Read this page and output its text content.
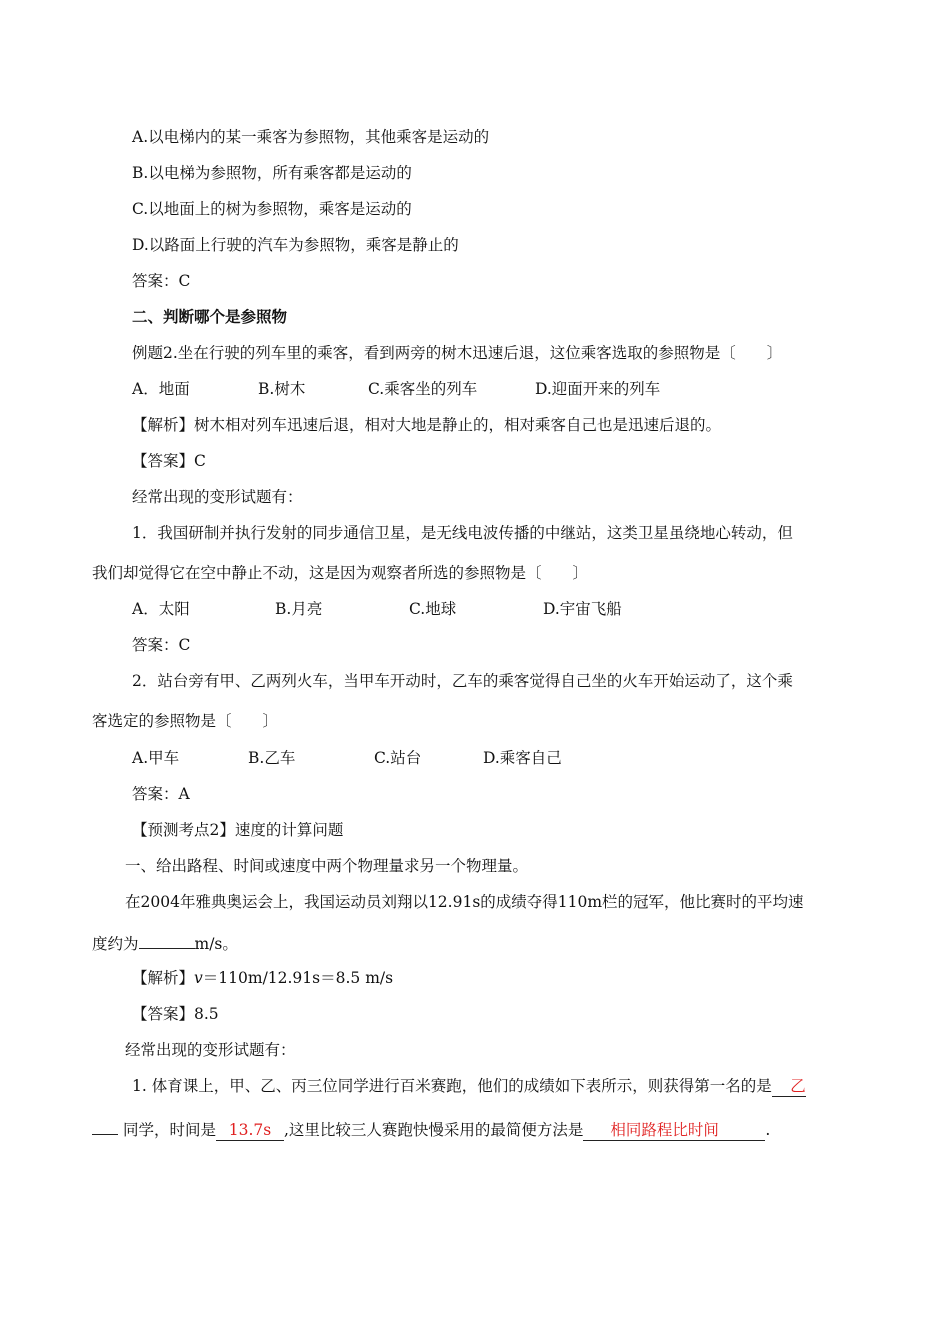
A.以电梯内的某一乘客为参照物，其他乘客是运动的
B.以电梯为参照物，所有乘客都是运动的
C.以地面上的树为参照物，乘客是运动的
D.以路面上行驶的汽车为参照物，乘客是静止的
答案：C
二、判断哪个是参照物
例题2.坐在行驶的列车里的乘客，看到两旁的树木迅速后退，这位乘客选取的参照物是〔　　〕
A．地面	B.树木	C.乘客坐的列车	D.迎面开来的列车
【解析】树木相对列车迅速后退，相对大地是静止的，相对乘客自己也是迅速后退的。
【答案】C
经常出现的变形试题有：
1．我国研制并执行发射的同步通信卫星，是无线电波传播的中继站，这类卫星虽绕地心转动，但
我们却觉得它在空中静止不动，这是因为观察者所选的参照物是〔　　〕
A．太阳	B.月亮	C.地球	D.宇宙飞船
答案：C
2．站台旁有甲、乙两列火车，当甲车开动时，乙车的乘客觉得自己坐的火车开始运动了，这个乘
客选定的参照物是〔　　〕
A.甲车	B.乙车	C.站台	D.乘客自己
答案：A
【预测考点2】速度的计算问题
一、给出路程、时间或速度中两个物理量求另一个物理量。
在2004年雅典奥运会上，我国运动员刘翔以12.91s的成绩夺得110m栏的冠军，他比赛时的平均速
度约为	m/s。
【解析】v＝110m/12.91s＝8.5 m/s
【答案】8.5
经常出现的变形试题有：
1. 体育课上，甲、乙、丙三位同学进行百米赛跑，他们的成绩如下表所示，则获得第一名的是 乙
同学，时间是 13.7s ,这里比较三人赛跑快慢采用的最简便方法是 相同路程比时间	.
